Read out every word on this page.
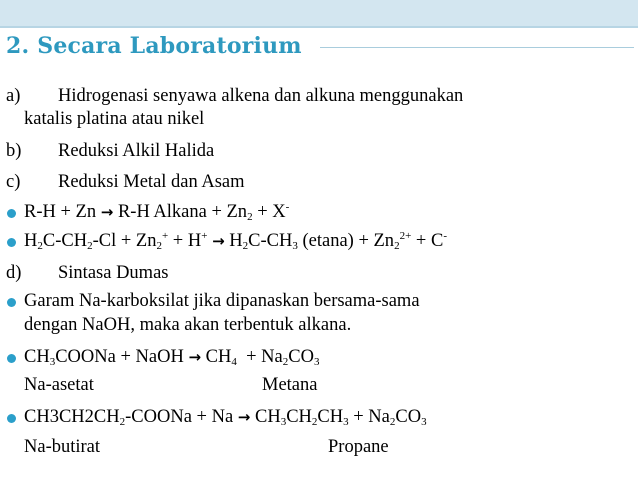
2. Secara Laboratorium
a) Hidrogenasi senyawa alkena dan alkuna menggunakan
katalis platina atau nikel
b) Reduksi Alkil Halida
c) Reduksi Metal dan Asam
R-H + Zn → R-H Alkana + $Zn_2 + X^-$
$H_2C-CH_2-Cl + Zn_2^+ + H^+ \to H_2C-CH_3$ $(etana) + Zn_2^{2+} + C^-$
d) Sintasa Dumas
Garam Na-karboksilat jika dipanaskan bersama-sama
dengan NaOH, maka akan terbentuk alkana.
$CH_3COONa$ + NaOH → $CH_4 + Na_2CO_3$
Na-asetat	Metana
$CH3CH2CH_2$-COONa + $Na \to CH_3CH_2CH_3 + Na_2CO_3$
Na-butirat	Propane
